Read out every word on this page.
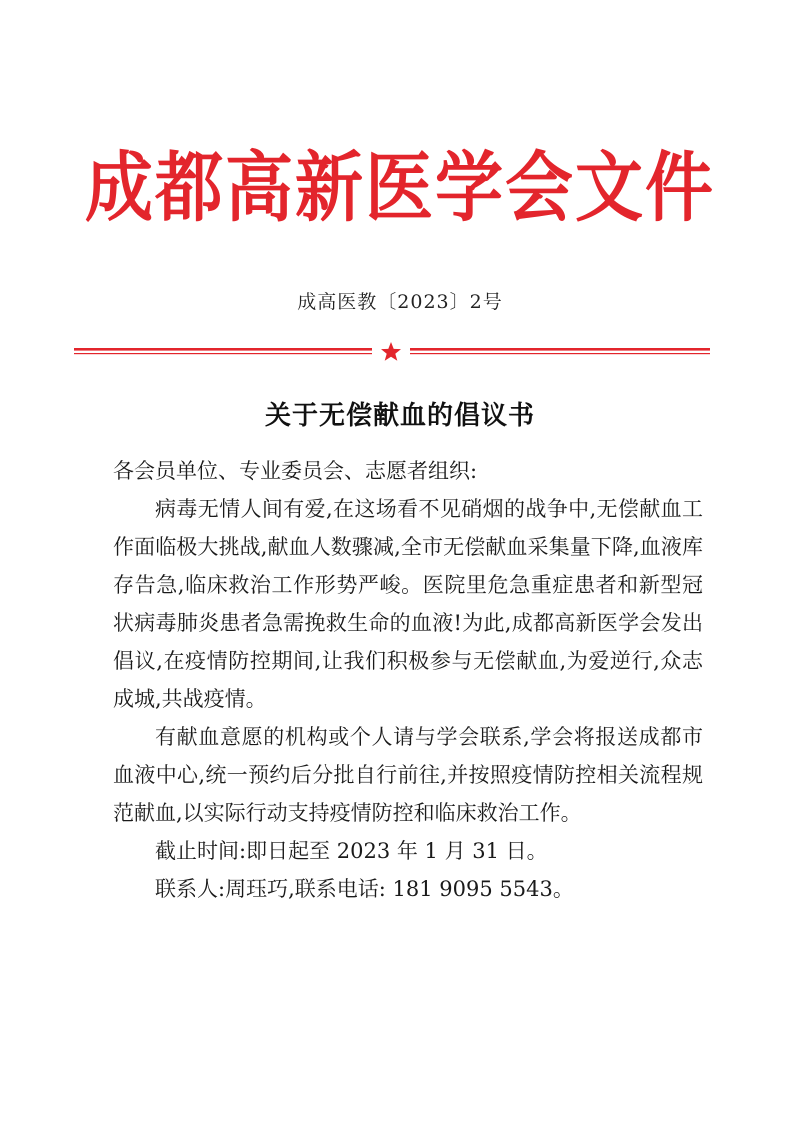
成都高新医学会文件
成高医教〔2023〕2号
关于无偿献血的倡议书

各会员单位、专业委员会、志愿者组织:

病毒无情人间有爱,在这场看不见硝烟的战争中,无偿献血工作面临极大挑战,献血人数骤减,全市无偿献血采集量下降,血液库存告急,临床救治工作形势严峻。医院里危急重症患者和新型冠状病毒肺炎患者急需挽救生命的血液!为此,成都高新医学会发出倡议,在疫情防控期间,让我们积极参与无偿献血,为爱逆行,众志成城,共战疫情。

有献血意愿的机构或个人请与学会联系,学会将报送成都市血液中心,统一预约后分批自行前往,并按照疫情防控相关流程规范献血,以实际行动支持疫情防控和临床救治工作。

截止时间:即日起至 2023 年 1 月 31 日。

联系人:周珏巧,联系电话: 181 9095 5543。
